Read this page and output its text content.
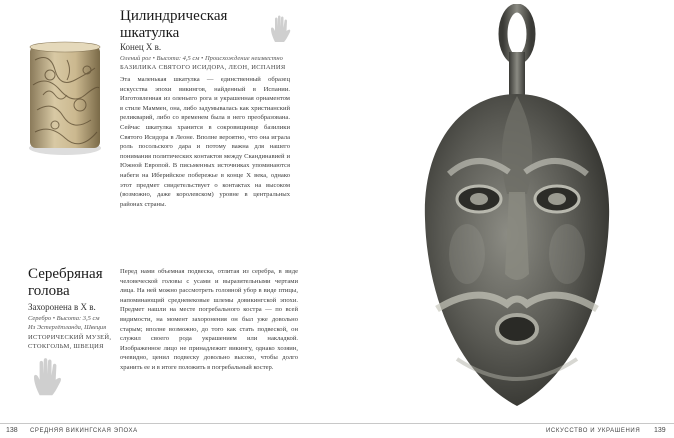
Цилиндрическая
шкатулка

Конец X в.

Олений рог • Высота: 4,5 см • Происхождение неизвестно

БАЗИЛИКА СВЯТОГО ИСИДОРА, ЛЕОН, ИСПАНИЯ

Эта маленькая шкатулка — единственный образец искусства эпохи викингов, найденный в Испании. Изготовленная из оленьего рога и украшенная орнаментом в стиле Маммен, она, либо задумывалась как христианский реликварий, либо со временем была в него преобразована. Сейчас шкатулка хранится в сокровищнице базилики Святого Исидора в Леоне. Вполне вероятно, что она играла роль посольского дара и потому важна для нашего понимания политических контактов между Скандинавией и Южной Европой. В письменных источниках упоминаются набеги на Иберийское побережье в конце X века, однако этот предмет свидетельствует о контактах на высоком (возможно, даже королевском) уровне в центральных районах страны.

Серебряная
голова

Захоронена в X в.

Серебро • Высота: 3,5 см

Из Эстергётланда, Швеция

ИСТОРИЧЕСКИЙ МУЗЕЙ,

СТОКГОЛЬМ, ШВЕЦИЯ

Перед нами объемная подвеска, отлитая из серебра, в виде человеческой головы с усами и выразительными чертами лица. На ней можно рассмотреть головной убор в виде птицы, напоминающий средневековые шлемы довикингской эпохи. Предмет нашли на месте погребального костра — по всей видимости, на момент захоронения он был уже довольно старым; вполне возможно, до того как стать подвеской, он служил своего рода украшением или накладкой. Изображенное лицо не принадлежит викингу, однако хозяин, очевидно, ценил подвеску довольно высоко, чтобы долго хранить ее и в итоге положить в погребальный костер.

138 СРЕДНЯЯ ВИКИНГСКАЯ ЭПОХА	ИСКУССТВО И УКРАШЕНИЯ 139
